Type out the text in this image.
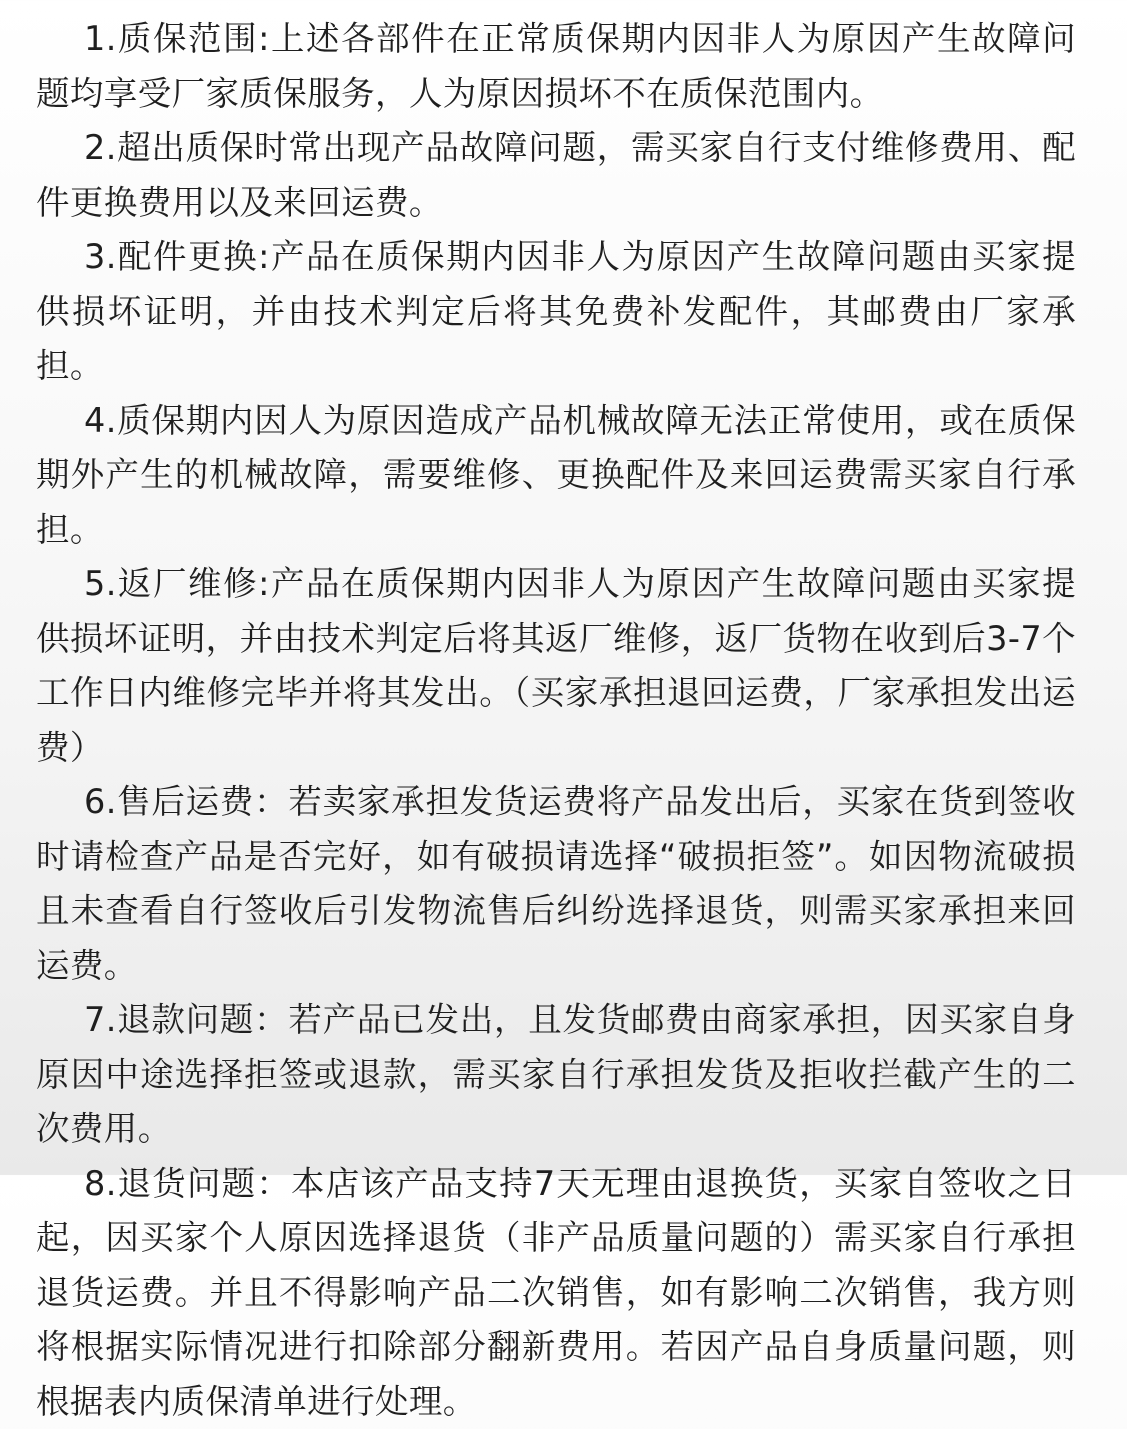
1.质保范围:上述各部件在正常质保期内因非人为原因产生故障问题均享受厂家质保服务，人为原因损坏不在质保范围内。

2.超出质保时常出现产品故障问题，需买家自行支付维修费用、配件更换费用以及来回运费。

3.配件更换:产品在质保期内因非人为原因产生故障问题由买家提供损坏证明，并由技术判定后将其免费补发配件，其邮费由厂家承担。

4.质保期内因人为原因造成产品机械故障无法正常使用，或在质保期外产生的机械故障，需要维修、更换配件及来回运费需买家自行承担。

5.返厂维修:产品在质保期内因非人为原因产生故障问题由买家提供损坏证明，并由技术判定后将其返厂维修，返厂货物在收到后3-7个工作日内维修完毕并将其发出。（买家承担退回运费，厂家承担发出运费）

6.售后运费：若卖家承担发货运费将产品发出后，买家在货到签收时请检查产品是否完好，如有破损请选择“破损拒签”。如因物流破损且未查看自行签收后引发物流售后纠纷选择退货，则需买家承担来回运费。

7.退款问题：若产品已发出，且发货邮费由商家承担，因买家自身原因中途选择拒签或退款，需买家自行承担发货及拒收拦截产生的二次费用。

8.退货问题：本店该产品支持7天无理由退换货，买家自签收之日起，因买家个人原因选择退货（非产品质量问题的）需买家自行承担退货运费。并且不得影响产品二次销售，如有影响二次销售，我方则将根据实际情况进行扣除部分翻新费用。若因产品自身质量问题，则根据表内质保清单进行处理。
